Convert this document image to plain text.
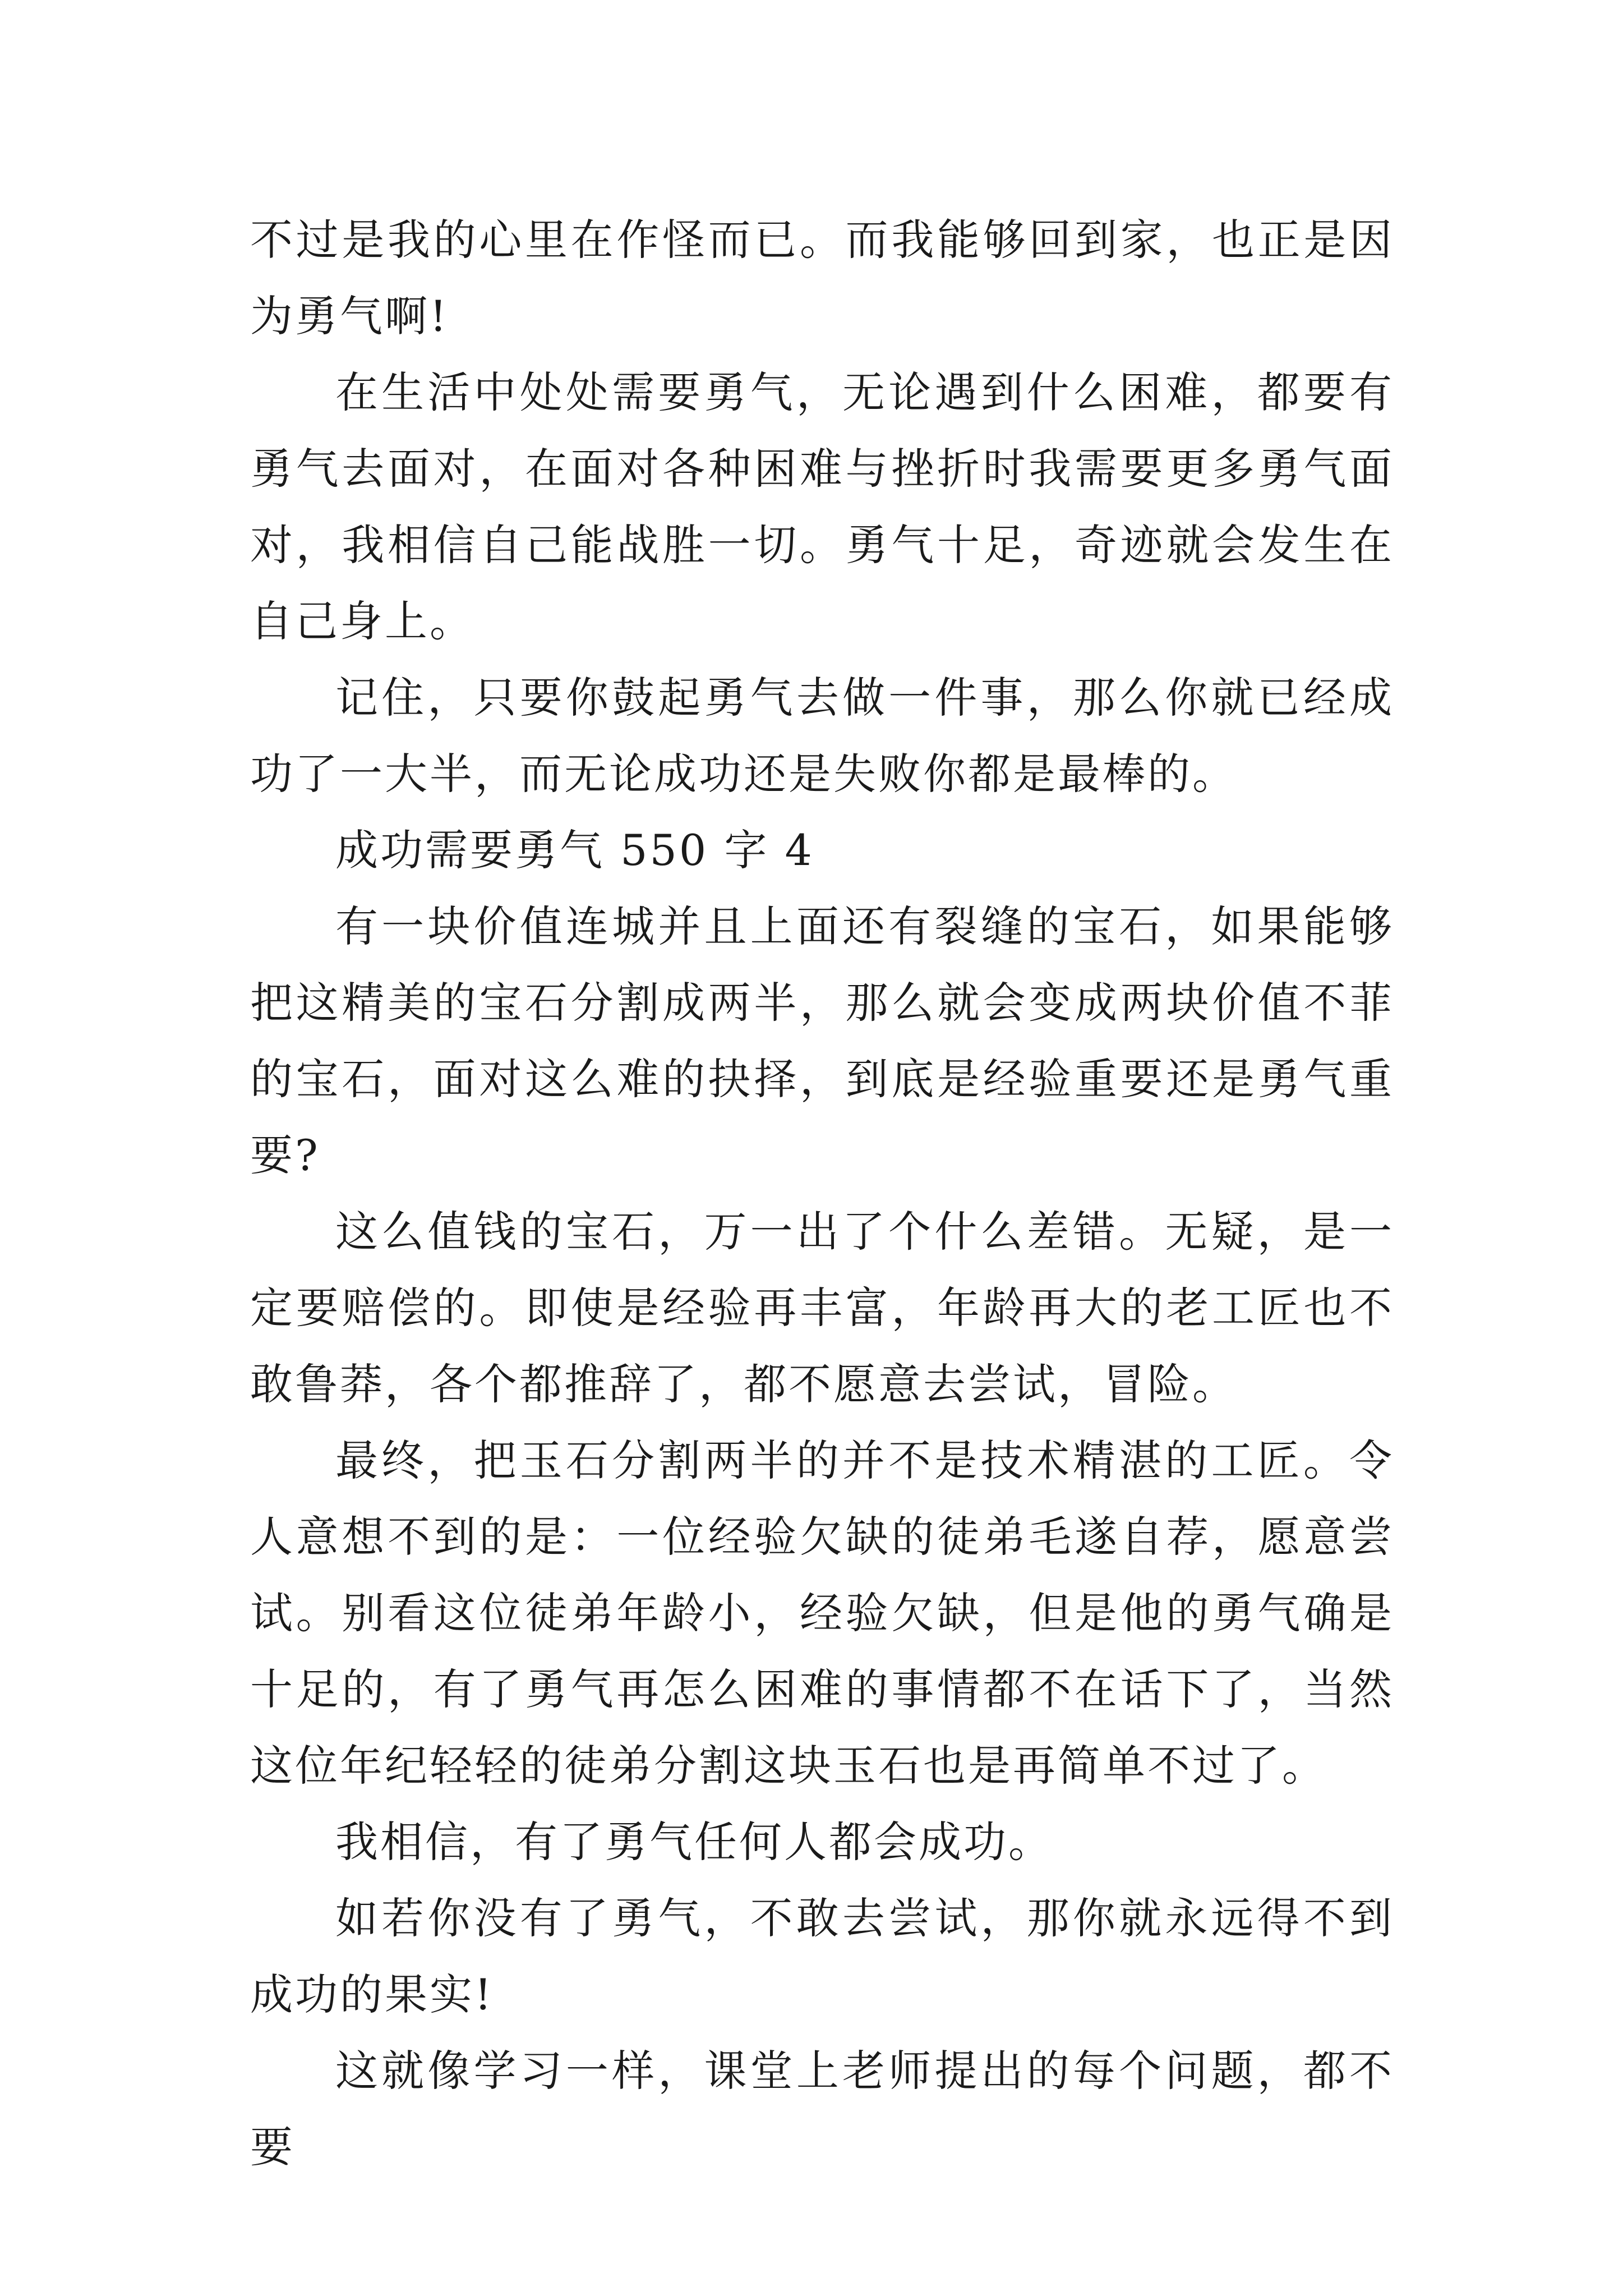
不过是我的心里在作怪而已。而我能够回到家，也正是因为勇气啊!

在生活中处处需要勇气，无论遇到什么困难，都要有勇气去面对，在面对各种困难与挫折时我需要更多勇气面对，我相信自己能战胜一切。勇气十足，奇迹就会发生在自己身上。

记住，只要你鼓起勇气去做一件事，那么你就已经成功了一大半，而无论成功还是失败你都是最棒的。

成功需要勇气 550 字 4

有一块价值连城并且上面还有裂缝的宝石，如果能够把这精美的宝石分割成两半，那么就会变成两块价值不菲的宝石，面对这么难的抉择，到底是经验重要还是勇气重要?

这么值钱的宝石，万一出了个什么差错。无疑，是一定要赔偿的。即使是经验再丰富，年龄再大的老工匠也不敢鲁莽，各个都推辞了，都不愿意去尝试，冒险。

最终，把玉石分割两半的并不是技术精湛的工匠。令人意想不到的是：一位经验欠缺的徒弟毛遂自荐，愿意尝试。别看这位徒弟年龄小，经验欠缺，但是他的勇气确是十足的，有了勇气再怎么困难的事情都不在话下了，当然这位年纪轻轻的徒弟分割这块玉石也是再简单不过了。

我相信，有了勇气任何人都会成功。

如若你没有了勇气，不敢去尝试，那你就永远得不到成功的果实!

这就像学习一样，课堂上老师提出的每个问题，都不要
